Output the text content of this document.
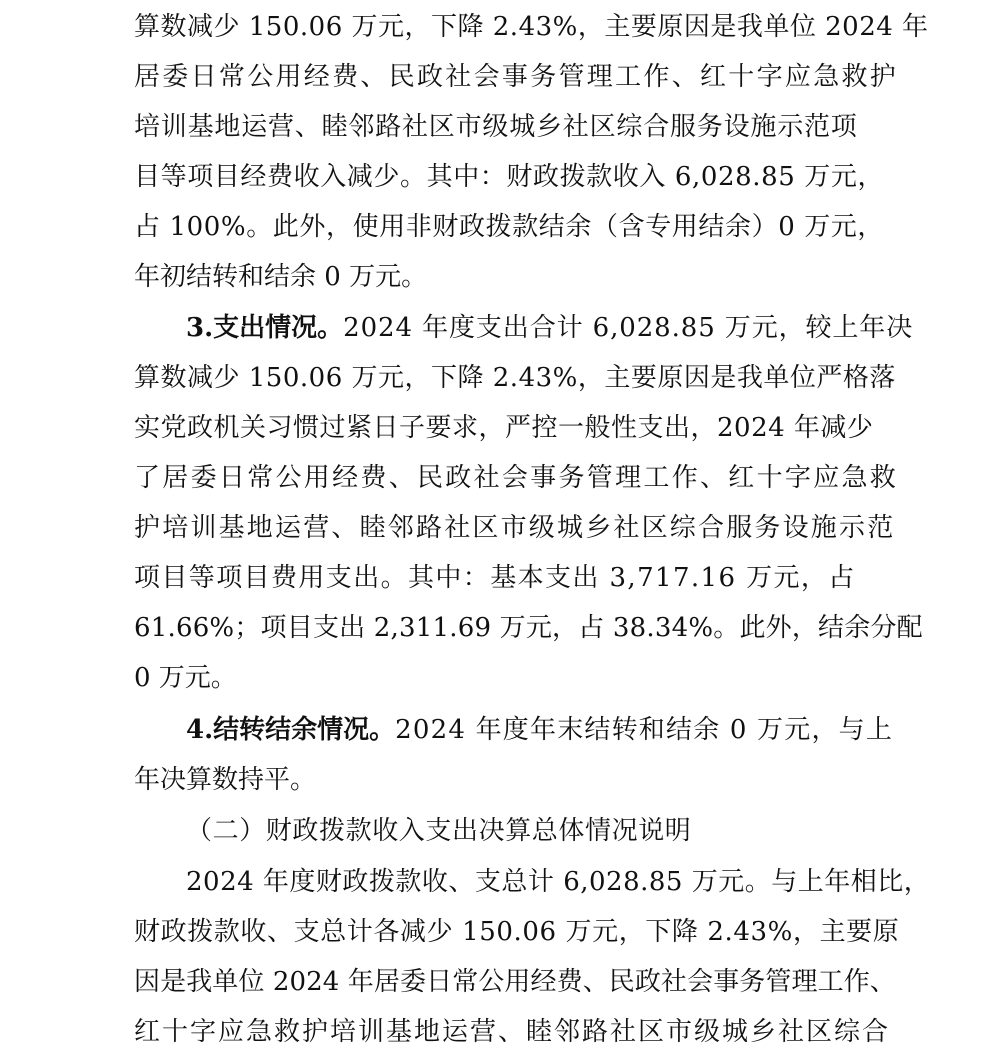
算数减少 150.06 万元，下降 2.43%，主要原因是我单位 2024 年
居委日常公用经费、民政社会事务管理工作、红十字应急救护
培训基地运营、睦邻路社区市级城乡社区综合服务设施示范项
目等项目经费收入减少。其中：财政拨款收入 6,028.85 万元，
占 100%。此外，使用非财政拨款结余（含专用结余）0 万元，
年初结转和结余 0 万元。
3.支出情况。2024 年度支出合计 6,028.85 万元，较上年决
算数减少 150.06 万元，下降 2.43%，主要原因是我单位严格落
实党政机关习惯过紧日子要求，严控一般性支出，2024 年减少
了居委日常公用经费、民政社会事务管理工作、红十字应急救
护培训基地运营、睦邻路社区市级城乡社区综合服务设施示范
项目等项目费用支出。其中：基本支出 3,717.16 万元，占
61.66%；项目支出 2,311.69 万元，占 38.34%。此外，结余分配
0 万元。
4.结转结余情况。2024 年度年末结转和结余 0 万元，与上
年决算数持平。
（二）财政拨款收入支出决算总体情况说明
2024 年度财政拨款收、支总计 6,028.85 万元。与上年相比，
财政拨款收、支总计各减少 150.06 万元，下降 2.43%，主要原
因是我单位 2024 年居委日常公用经费、民政社会事务管理工作、
红十字应急救护培训基地运营、睦邻路社区市级城乡社区综合
